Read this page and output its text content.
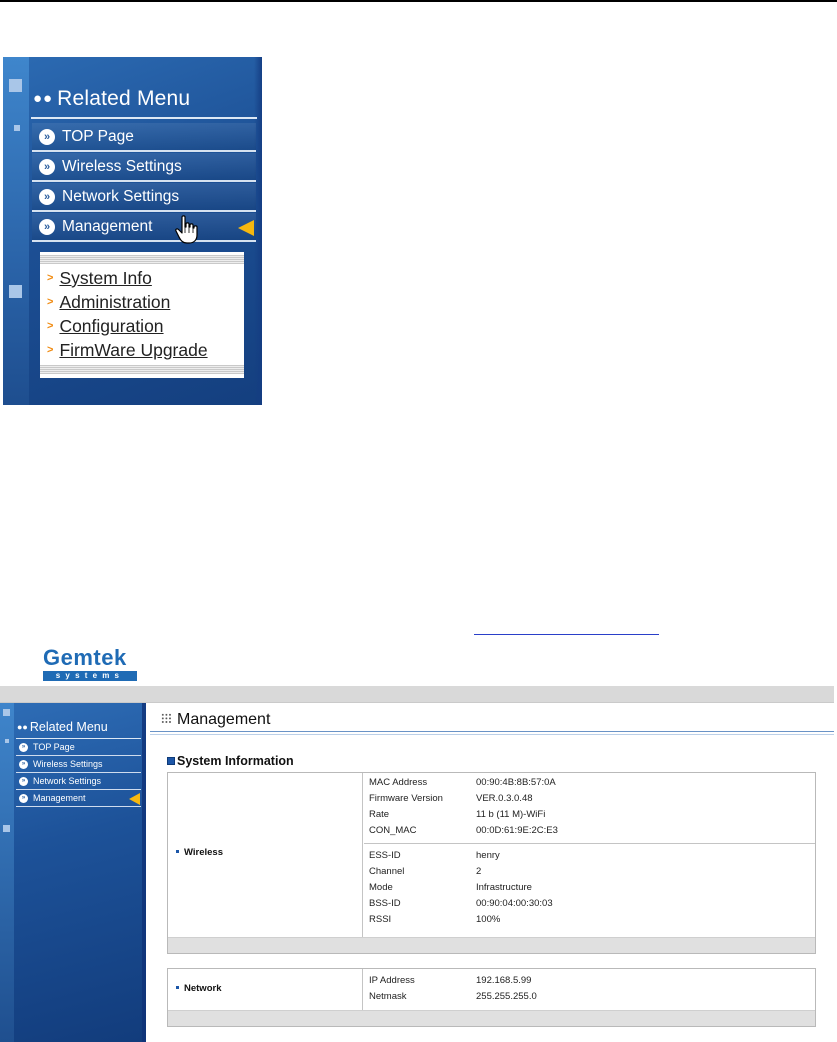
●● Related Menu
» TOP Page
» Wireless Settings
» Network Settings
» Management
> System Info
> Administration
> Configuration
> FirmWare Upgrade
Gemtek
systems
●● Related Menu
» TOP Page
» Wireless Settings
» Network Settings
» Management
Management
System Information
Wireless
MAC Address	00:90:4B:8B:57:0A
Firmware Version	VER.0.3.0.48
Rate	11 b (11 M)-WiFi
CON_MAC	00:0D:61:9E:2C:E3
ESS-ID	henry
Channel	2
Mode	Infrastructure
BSS-ID	00:90:04:00:30:03
RSSI	100%
Network
IP Address	192.168.5.99
Netmask	255.255.255.0
